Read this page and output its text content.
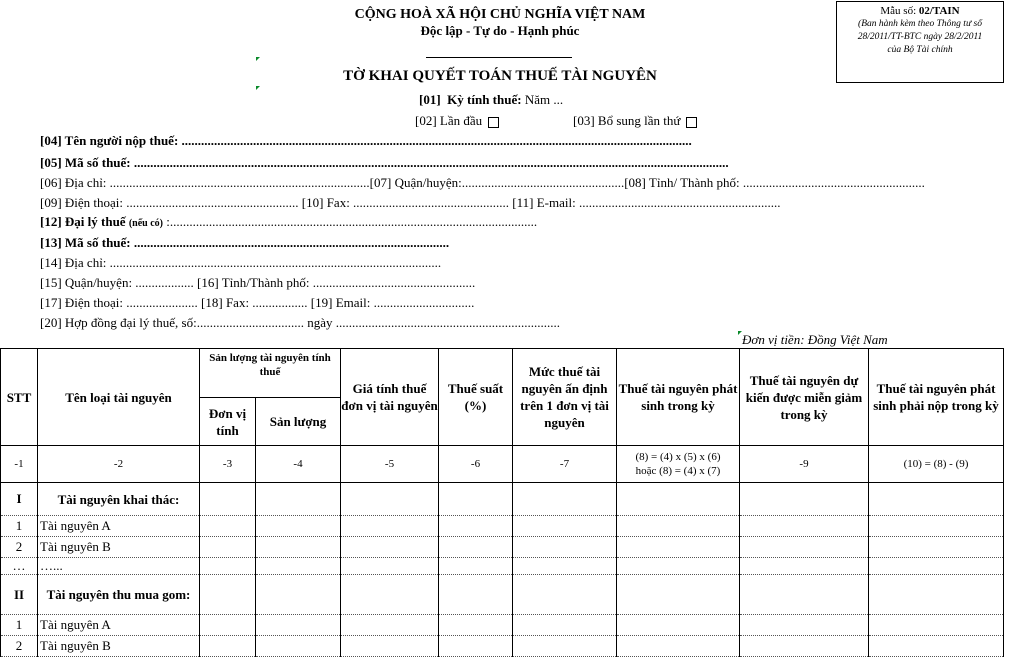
CỘNG HOÀ XÃ HỘI CHỦ NGHĨA VIỆT NAM
Độc lập - Tự do - Hạnh phúc
Mẫu số: 02/TAIN
(Ban hành kèm theo Thông tư số
28/2011/TT-BTC ngày 28/2/2011
của Bộ Tài chính
TỜ KHAI QUYẾT TOÁN THUẾ TÀI NGUYÊN
[01] Kỳ tính thuế: Năm ...
[02] Lần đầu	[03] Bổ sung lần thứ
[04] Tên người nộp thuế: .............................................................................................................................................................
[05] Mã số thuế: .......................................................................................................................................................................................
[06] Địa chỉ: ................................................................................[07] Quận/huyện:..................................................[08] Tỉnh/ Thành phố: ........................................................
[09] Điện thoại: ..................................................... [10] Fax: ................................................ [11] E-mail: ..............................................................
[12] Đại lý thuế (nếu có) :.................................................................................................................
[13] Mã số thuế: .................................................................................................
[14] Địa chỉ: ......................................................................................................
[15] Quận/huyện: .................. [16] Tỉnh/Thành phố: ..................................................
[17] Điện thoại: ...................... [18] Fax: ................. [19] Email: ...............................
[20] Hợp đồng đại lý thuế, số:................................. ngày .....................................................................
Đơn vị tiền: Đồng Việt Nam
STT	Tên loại tài nguyên	Sản lượng tài nguyên tính thuế		Giá tính thuế đơn vị tài nguyên	Thuế suất (%)	Mức thuế tài nguyên ấn định trên 1 đơn vị tài nguyên	Thuế tài nguyên phát sinh trong kỳ	Thuế tài nguyên dự kiến được miễn giảm trong kỳ	Thuế tài nguyên phát sinh phải nộp trong kỳ
		Đơn vị tính	Sản lượng						
-1	-2	-3	-4	-5	-6	-7	(8) = (4) x (5) x (6)
hoặc (8) = (4) x (7)	-9	(10) = (8) - (9)
I	Tài nguyên khai thác:								
1	Tài nguyên A								
2	Tài nguyên B								
…	…...								
II	Tài nguyên thu mua gom:								
1	Tài nguyên A								
2	Tài nguyên B								
